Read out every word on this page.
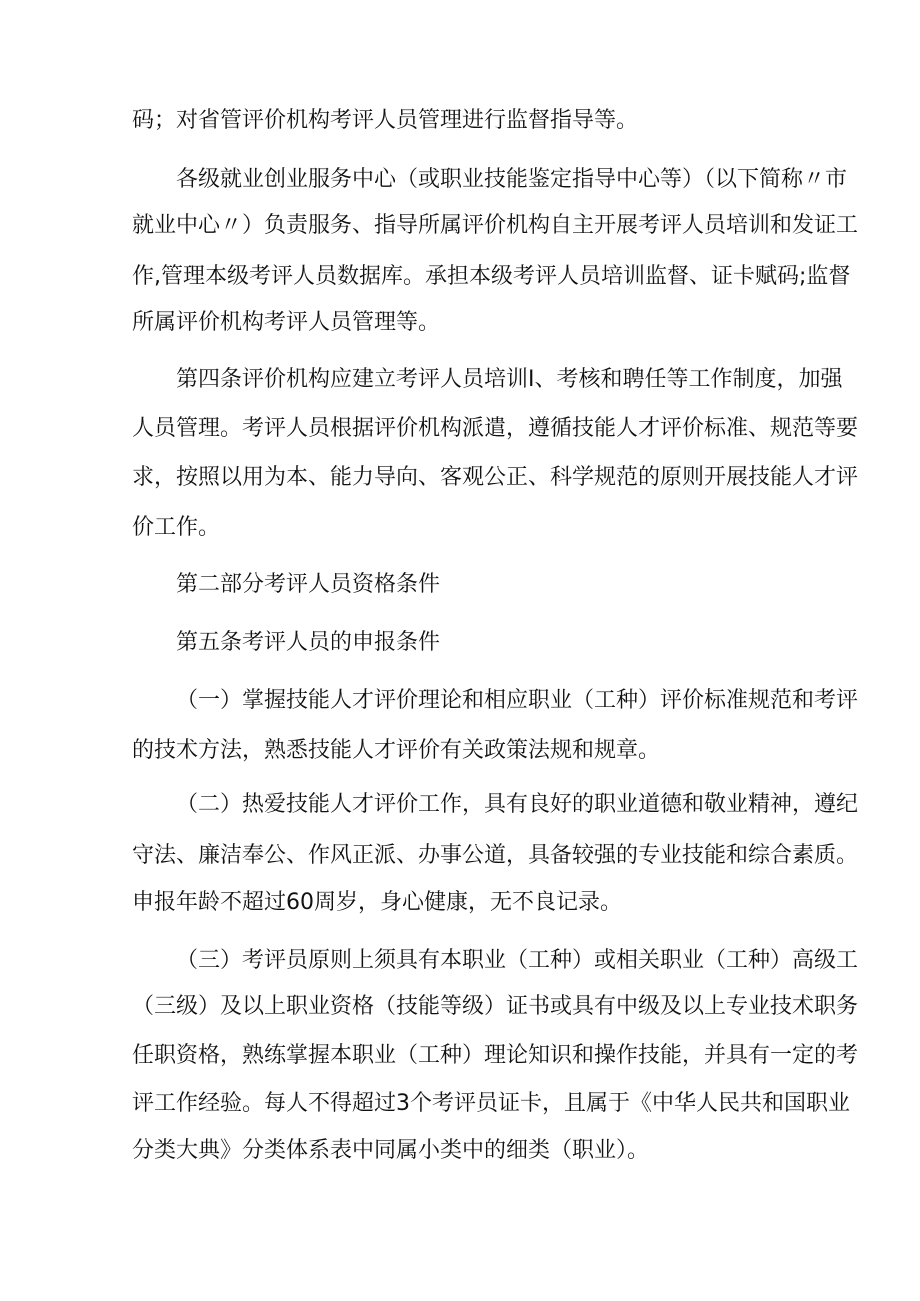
码；对省管评价机构考评人员管理进行监督指导等。
各级就业创业服务中心（或职业技能鉴定指导中心等）（以下简称〃市
就业中心〃）负责服务、指导所属评价机构自主开展考评人员培训和发证工
作,管理本级考评人员数据库。承担本级考评人员培训监督、证卡赋码;监督
所属评价机构考评人员管理等。
第四条评价机构应建立考评人员培训Ⅰ、考核和聘任等工作制度，加强
人员管理。考评人员根据评价机构派遣，遵循技能人才评价标准、规范等要
求，按照以用为本、能力导向、客观公正、科学规范的原则开展技能人才评
价工作。
第二部分考评人员资格条件
第五条考评人员的申报条件
（一）掌握技能人才评价理论和相应职业（工种）评价标准规范和考评
的技术方法，熟悉技能人才评价有关政策法规和规章。
（二）热爱技能人才评价工作，具有良好的职业道德和敬业精神，遵纪
守法、廉洁奉公、作风正派、办事公道，具备较强的专业技能和综合素质。
申报年龄不超过60周岁，身心健康，无不良记录。
（三）考评员原则上须具有本职业（工种）或相关职业（工种）高级工
（三级）及以上职业资格（技能等级）证书或具有中级及以上专业技术职务
任职资格，熟练掌握本职业（工种）理论知识和操作技能，并具有一定的考
评工作经验。每人不得超过3个考评员证卡，且属于《中华人民共和国职业
分类大典》分类体系表中同属小类中的细类（职业）。
